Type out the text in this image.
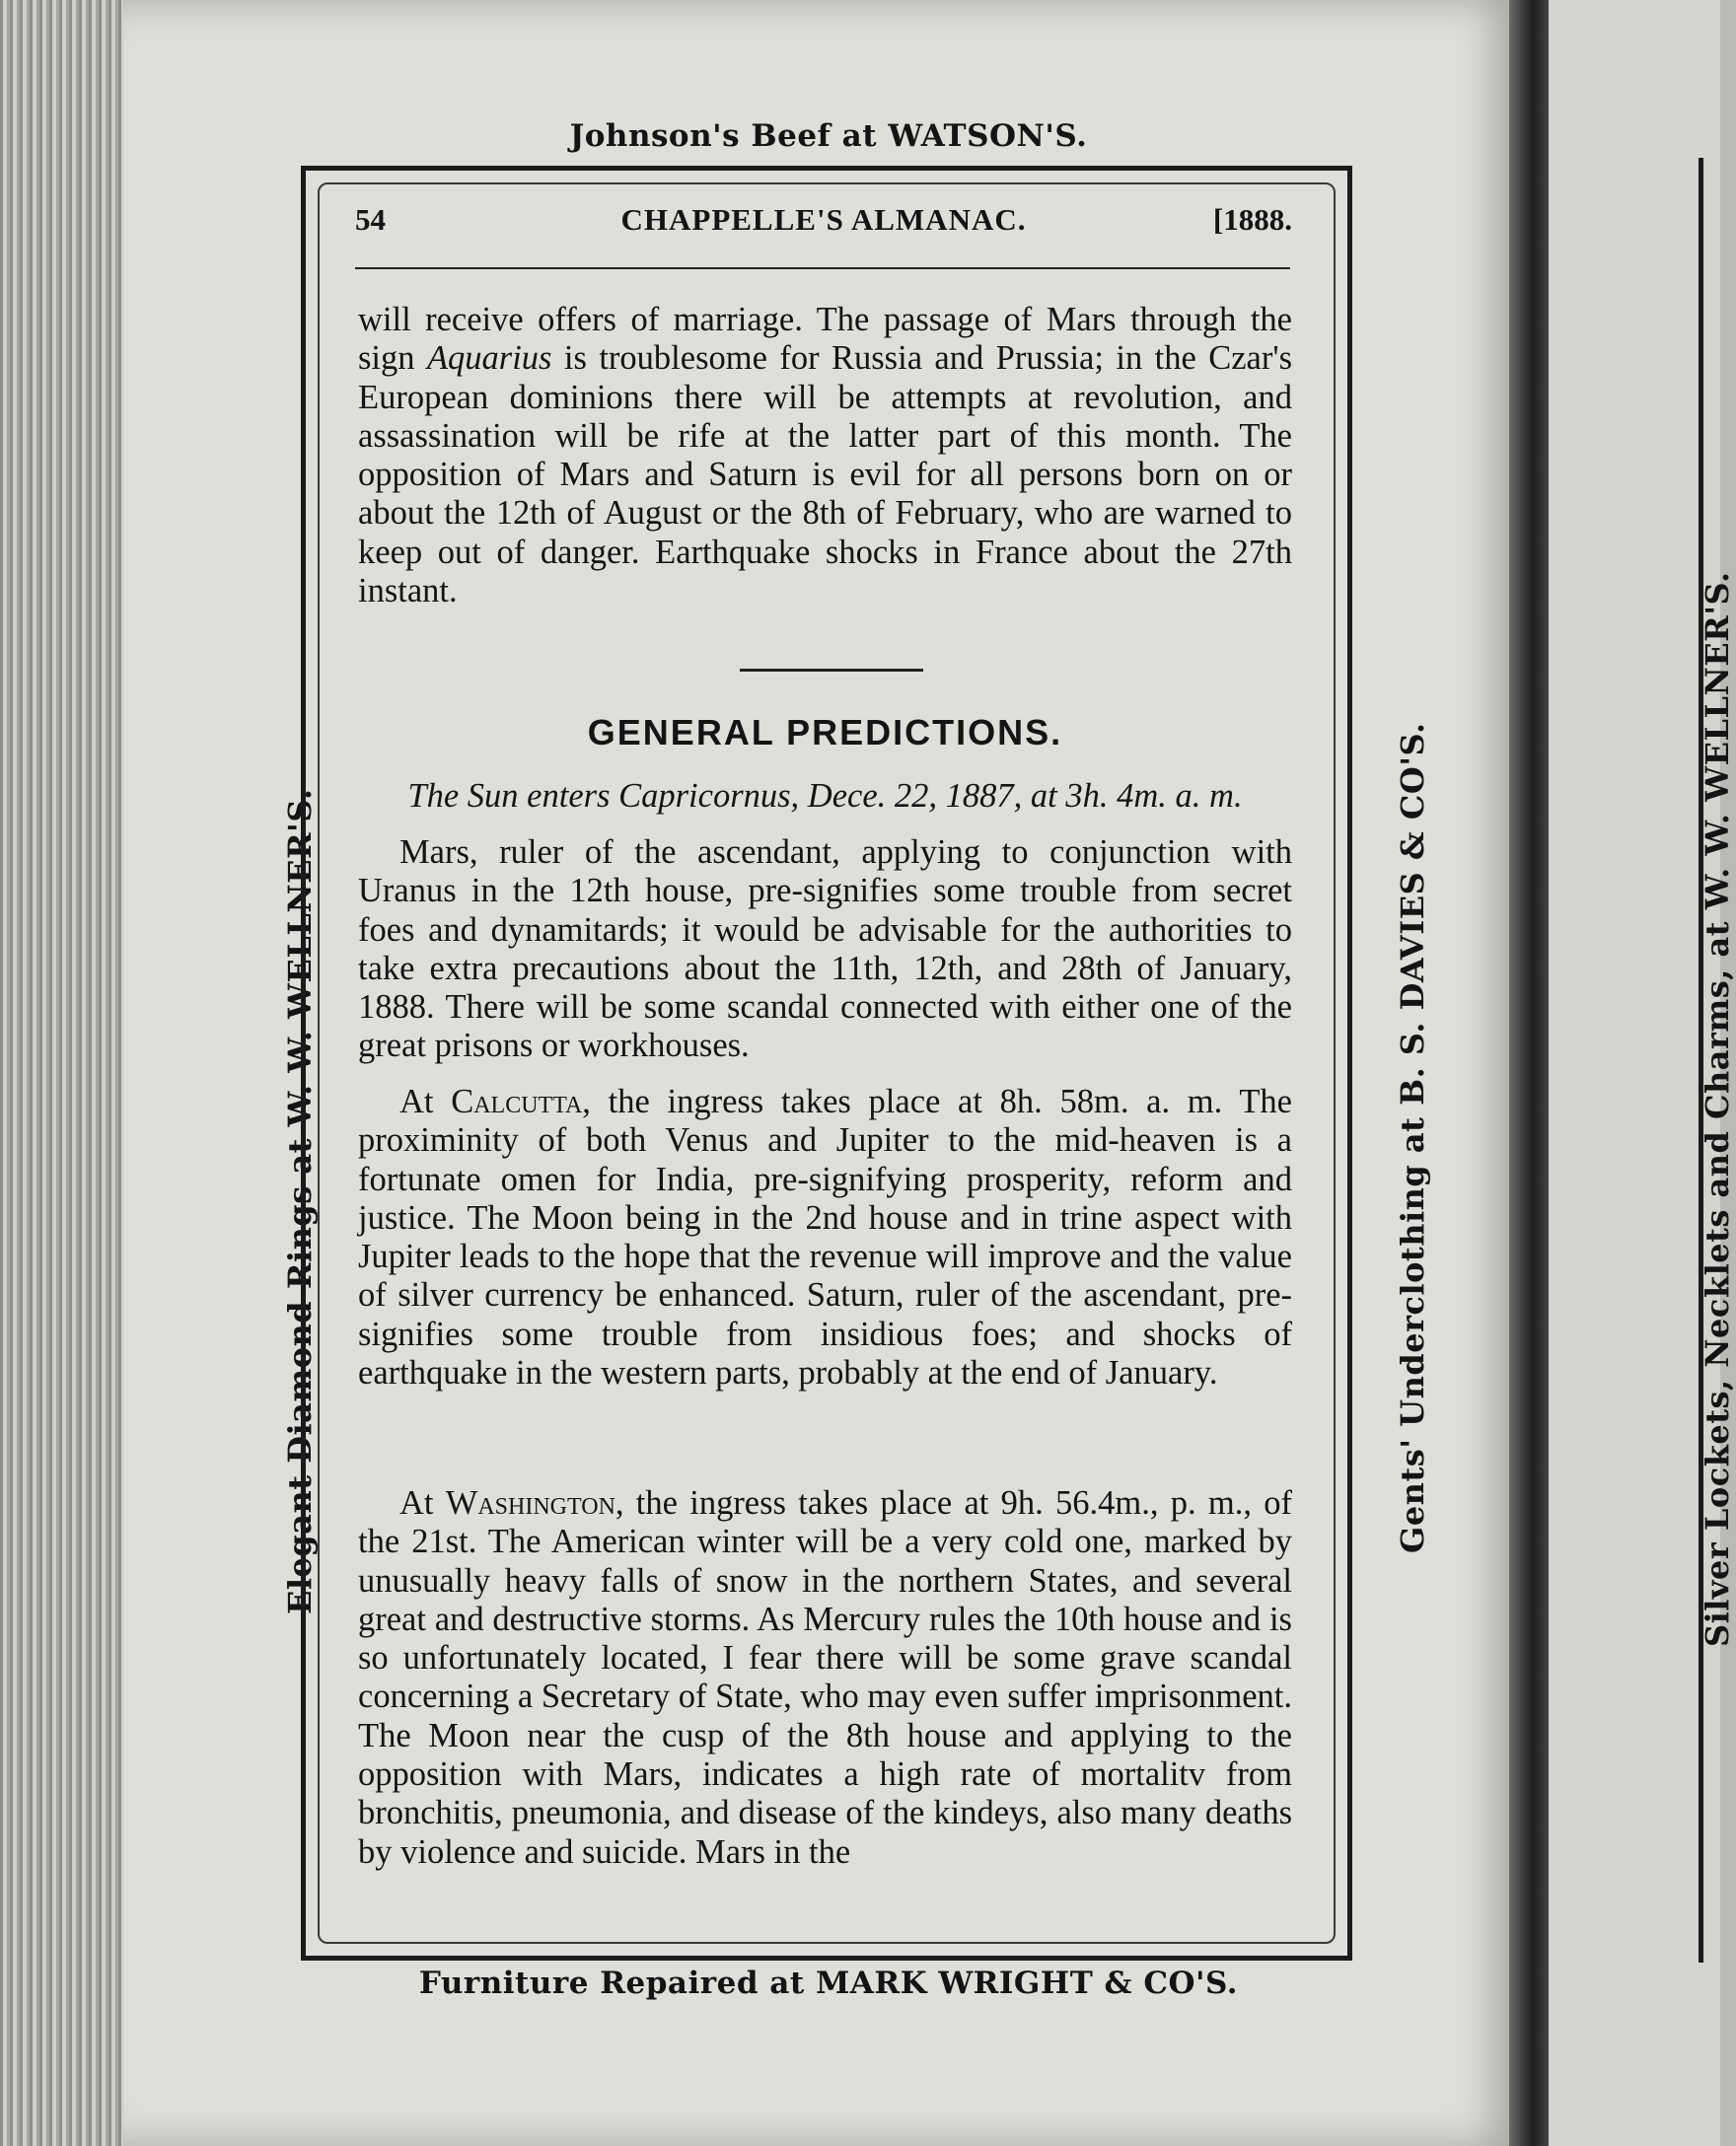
Johnson's Beef at WATSON'S.
Furniture Repaired at MARK WRIGHT & CO'S.
Elegant Diamond Rings at W. W. WELLNER'S.	Gents' Underclothing at B. S. DAVIES & CO'S.	Silver Lockets, Necklets and Charms, at W. W. WELLNER'S.
54	CHAPPELLE'S ALMANAC.	[1888.

will receive offers of marriage. The passage of Mars through the sign Aquarius is troublesome for Russia and Prussia; in the Czar's European dominions there will be attempts at revolution, and assassination will be rife at the latter part of this month. The opposition of Mars and Saturn is evil for all persons born on or about the 12th of August or the 8th of February, who are warned to keep out of danger. Earthquake shocks in France about the 27th instant.

GENERAL PREDICTIONS.
The Sun enters Capricornus, Dece. 22, 1887, at 3h. 4m. a. m.

Mars, ruler of the ascendant, applying to conjunction with Uranus in the 12th house, pre-signifies some trouble from secret foes and dynamitards; it would be advisable for the authorities to take extra precautions about the 11th, 12th, and 28th of January, 1888. There will be some scandal connected with either one of the great prisons or workhouses.

At Calcutta, the ingress takes place at 8h. 58m. a. m. The proximinity of both Venus and Jupiter to the mid-heaven is a fortunate omen for India, pre-signifying prosperity, reform and justice. The Moon being in the 2nd house and in trine aspect with Jupiter leads to the hope that the revenue will improve and the value of silver currency be enhanced. Saturn, ruler of the ascendant, pre-signifies some trouble from insidious foes; and shocks of earthquake in the western parts, probably at the end of January.

At Washington, the ingress takes place at 9h. 56.4m., p. m., of the 21st. The American winter will be a very cold one, marked by unusually heavy falls of snow in the northern States, and several great and destructive storms. As Mercury rules the 10th house and is so unfortunately located, I fear there will be some grave scandal concerning a Secretary of State, who may even suffer imprisonment. The Moon near the cusp of the 8th house and applying to the opposition with Mars, indicates a high rate of mortalitv from bronchitis, pneumonia, and disease of the kindeys, also many deaths by violence and suicide. Mars in the
